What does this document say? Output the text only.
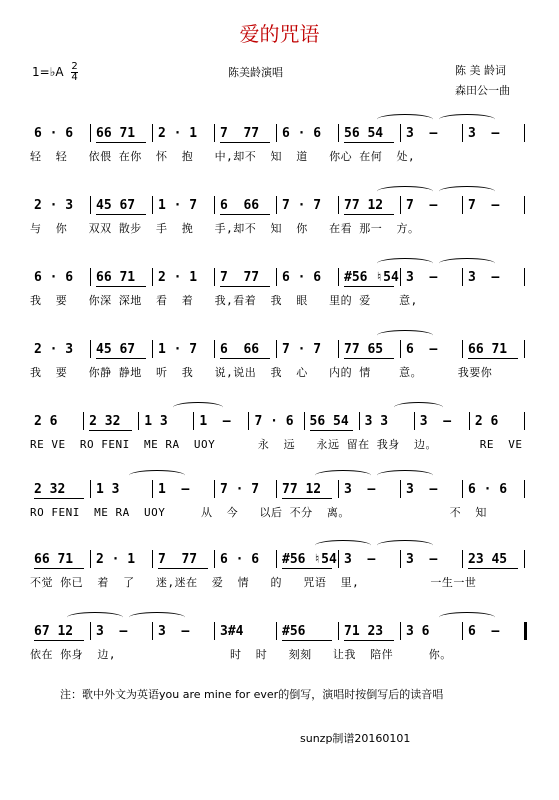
爱的咒语
1=♭A $\frac{2}{4}$	陈美龄演唱	陈 美 龄词
森田公一曲
6 · 6 66 71 2 · 1 7  77 6 · 6 56 54 3  – 3  –
轻  轻   依偎 在你  怀  抱   中,却不  知  道   你心 在何  处,
2 · 3 45 67 1 · 7 6  66 7 · 7 77 12 7  – 7  –
与  你   双双 散步  手  挽   手,却不  知  你   在看 那一  方。
6 · 6 66 71 2 · 1 7  77 6 · 6 #56 ♮54 3  – 3  –
我  要   你深 深地  看  着   我,看着  我  眼   里的 爱    意,
2 · 3 45 67 1 · 7 6  66 7 · 7 77 65 6  – 66 71
我  要   你静 静地  听  我   说,说出  我  心   内的 情    意。     我要你
2 6 2 32 1 3 1  – 7 · 6 56 54 3 3 3  – 2 6
RE VE  RO FENI  ME RA  UOY      永  远   永远 留在 我身  边。      RE  VE
2 32 1 3	1  – 7 · 7 77 12 3  – 3  – 6 · 6
RO FENI  ME RA  UOY     从  今   以后 不分  离。              不  知
66 71 2 · 1 7  77 6 · 6 #56 ♮54 3  – 3  – 23 45
不觉 你已  着  了   迷,迷在  爱  情   的   咒语  里,          一生一世
67 12 3  – 3  – 3#4	#56	71 23 3 6	6  –
依在 你身  边,                时  时   刻刻   让我  陪伴     你。
注：歌中外文为英语you are mine for ever的倒写，演唱时按倒写后的读音唱
sunzp制谱20160101
